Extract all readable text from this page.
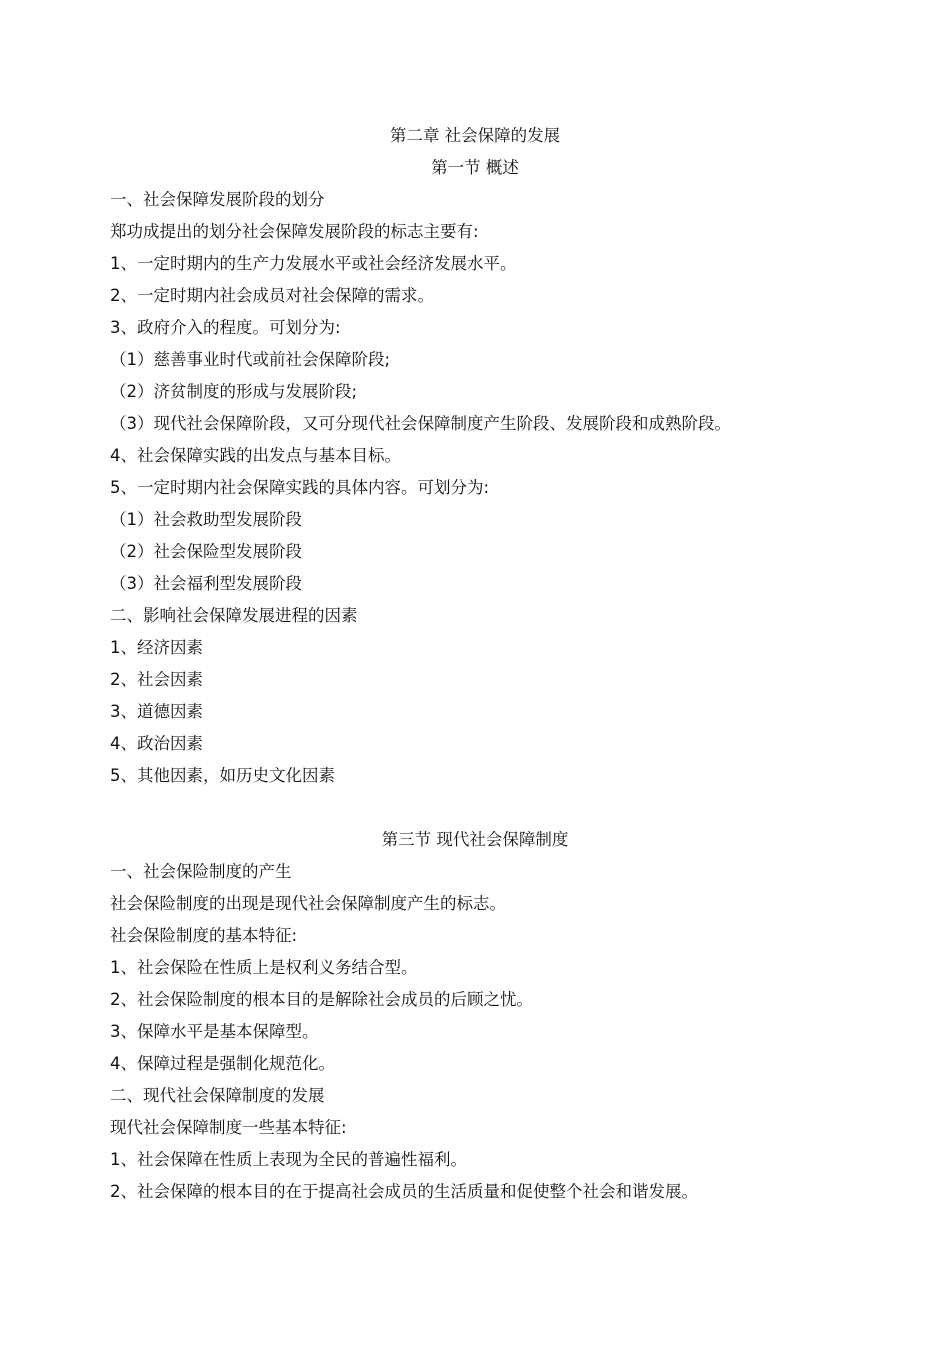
第二章 社会保障的发展
第一节 概述
一、社会保障发展阶段的划分
郑功成提出的划分社会保障发展阶段的标志主要有:
1、一定时期内的生产力发展水平或社会经济发展水平。
2、一定时期内社会成员对社会保障的需求。
3、政府介入的程度。可划分为:
（1）慈善事业时代或前社会保障阶段;
（2）济贫制度的形成与发展阶段;
（3）现代社会保障阶段，又可分现代社会保障制度产生阶段、发展阶段和成熟阶段。
4、社会保障实践的出发点与基本目标。
5、一定时期内社会保障实践的具体内容。可划分为:
（1）社会救助型发展阶段
（2）社会保险型发展阶段
（3）社会福利型发展阶段
二、影响社会保障发展进程的因素
1、经济因素
2、社会因素
3、道德因素
4、政治因素
5、其他因素，如历史文化因素
第三节 现代社会保障制度
一、社会保险制度的产生
社会保险制度的出现是现代社会保障制度产生的标志。
社会保险制度的基本特征:
1、社会保险在性质上是权利义务结合型。
2、社会保险制度的根本目的是解除社会成员的后顾之忧。
3、保障水平是基本保障型。
4、保障过程是强制化规范化。
二、现代社会保障制度的发展
现代社会保障制度一些基本特征:
1、社会保障在性质上表现为全民的普遍性福利。
2、社会保障的根本目的在于提高社会成员的生活质量和促使整个社会和谐发展。
